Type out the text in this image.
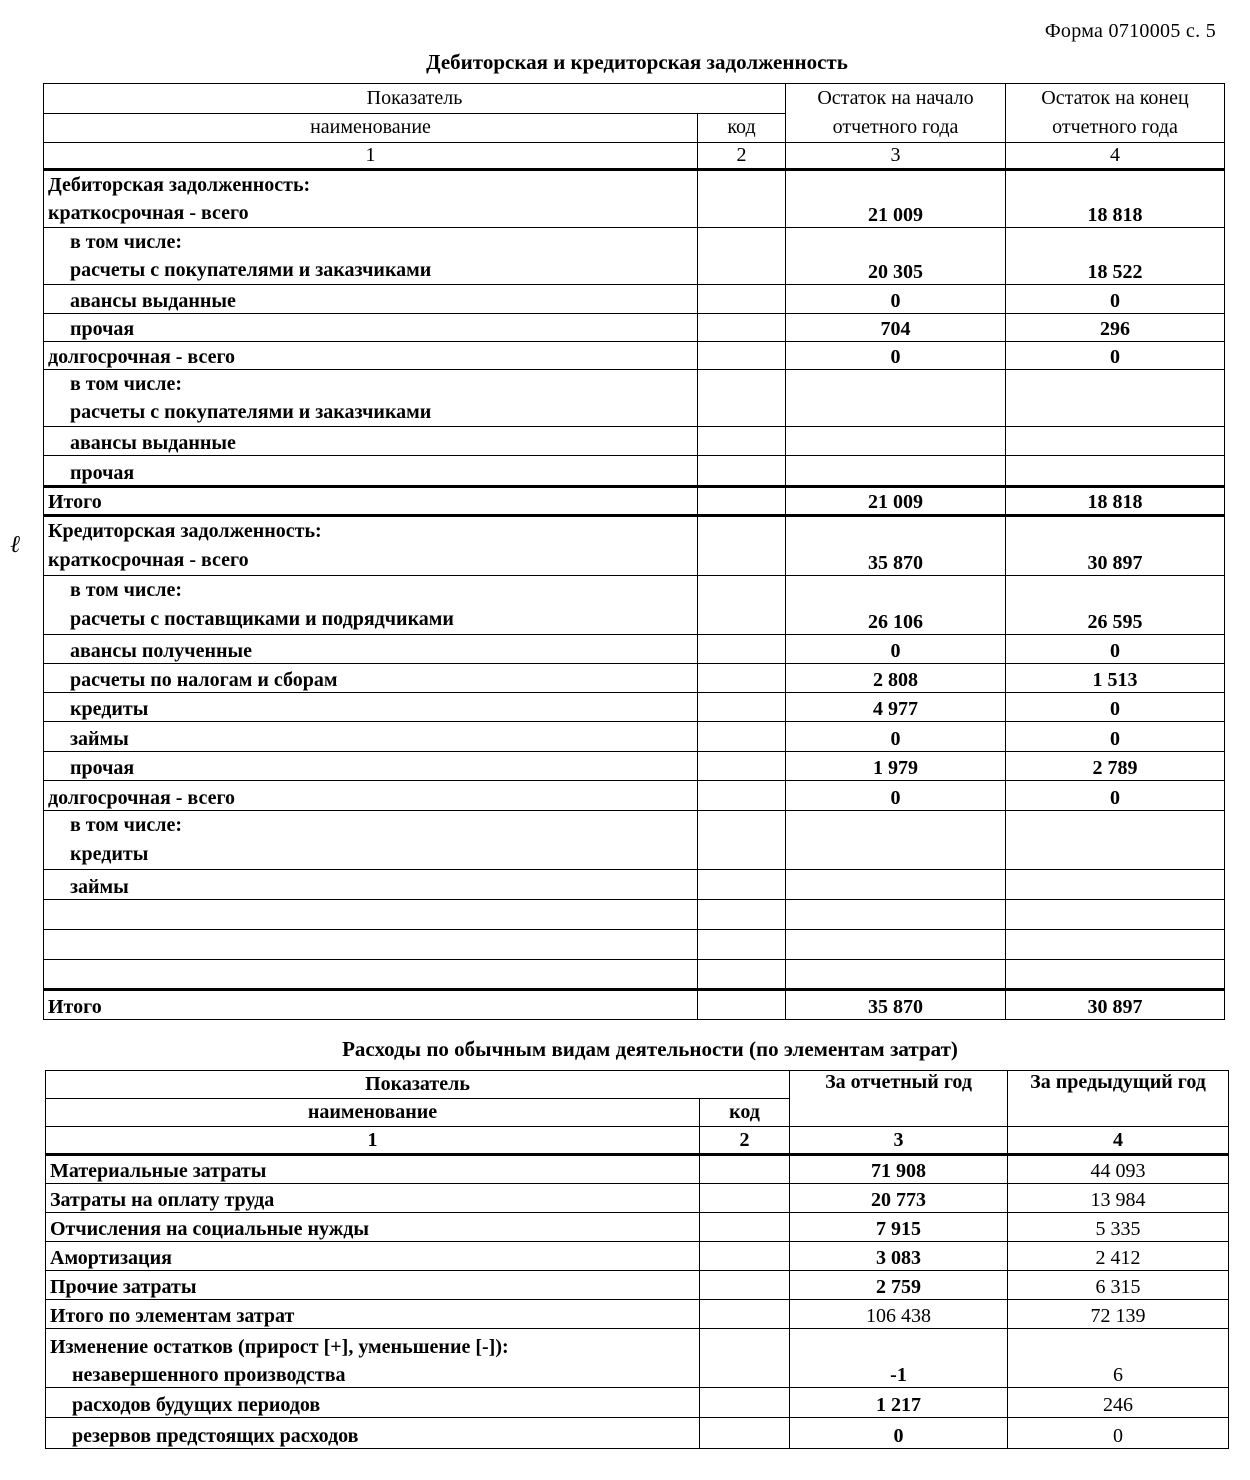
Форма 0710005 с. 5
ℓ
Дебиторская и кредиторская задолженность
Показатель		Остаток на начало отчетного года	Остаток на конец отчетного года
наименование	код		
1	2	3	4
Дебиторская задолженность:
краткосрочная - всего		21 009	18 818
в том числе:
расчеты с покупателями и заказчиками		20 305	18 522
авансы выданные		0	0
прочая		704	296
долгосрочная - всего		0	0
в том числе:
расчеты с покупателями и заказчиками			
авансы выданные			
прочая			
Итого		21 009	18 818
Кредиторская задолженность:
краткосрочная - всего		35 870	30 897
в том числе:
расчеты с поставщиками и подрядчиками		26 106	26 595
авансы полученные		0	0
расчеты по налогам и сборам		2 808	1 513
кредиты		4 977	0
займы		0	0
прочая		1 979	2 789
долгосрочная - всего		0	0
в том числе:
кредиты			
займы			

Итого		35 870	30 897
Расходы по обычным видам деятельности (по элементам затрат)
Показатель		За отчетный год	За предыдущий год
наименование	код		
1	2	3	4
Материальные затраты		71 908	44 093
Затраты на оплату труда		20 773	13 984
Отчисления на социальные нужды		7 915	5 335
Амортизация		3 083	2 412
Прочие затраты		2 759	6 315
Итого по элементам затрат		106 438	72 139
Изменение остатков (прирост [+], уменьшение [-]):			
незавершенного производства		-1	6
расходов будущих периодов		1 217	246
резервов предстоящих расходов		0	0
